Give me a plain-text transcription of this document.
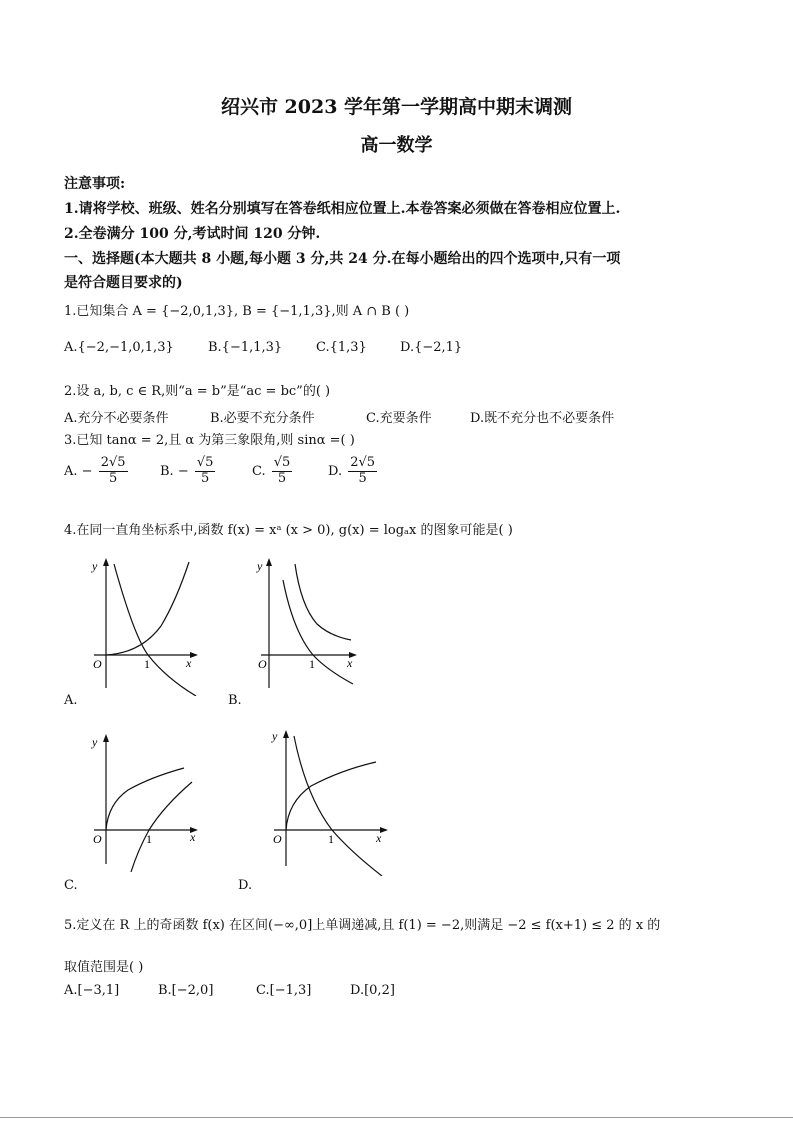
绍兴市 2023 学年第一学期高中期末调测
高一数学
注意事项:
1.请将学校、班级、姓名分别填写在答卷纸相应位置上.本卷答案必须做在答卷相应位置上.
2.全卷满分 100 分,考试时间 120 分钟.
一、选择题(本大题共 8 小题,每小题 3 分,共 24 分.在每小题给出的四个选项中,只有一项
是符合题目要求的)
1.已知集合 A = {−2,0,1,3}, B = {−1,1,3},则 A ∩ B ( )
A.{−2,−1,0,1,3}	B.{−1,1,3}	C.{1,3}	D.{−2,1}
2.设 a, b, c ∈ R,则“a = b”是“ac = bc”的( )
A.充分不必要条件	B.必要不充分条件	C.充要条件	D.既不充分也不必要条件
3.已知 tanα = 2,且 α 为第三象限角,则 sinα =( )
A. − $\frac{2√5}{5} B$. − $\frac{√5}{5}$	C. $\frac{√5}{5}$	D. $\frac{2√5}{5}$
4.在同一直角坐标系中,函数 f(x) = xᵃ (x > 0), g(x) = logₐx 的图象可能是( )
y
x
O	1
A.
y
x
O	1
B.
y
x
O	1
C.
y
x
O	1
D.
5.定义在 R 上的奇函数 f(x) 在区间(−∞,0]上单调递减,且 f(1) = −2,则满足 −2 ≤ f(x+1) ≤ 2 的 x 的
取值范围是( )
A.[−3,1]	B.[−2,0]	C.[−1,3]	D.[0,2]
